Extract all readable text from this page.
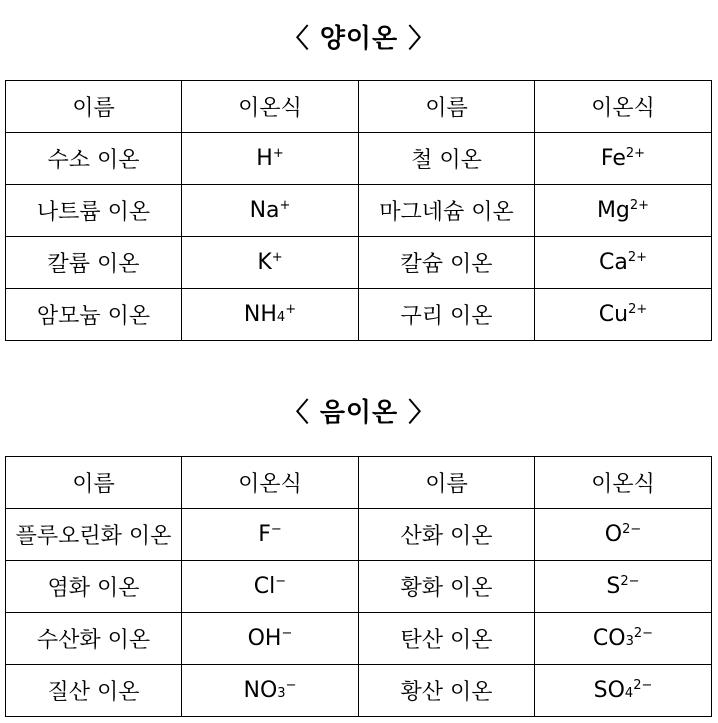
〈 양이온 〉
이름	이온식	이름	이온식
수소 이온	H+	철 이온	$Fe^{2+}$
나트륨 이온	Na+	마그네슘 이온	$Mg^{2+}$
칼륨 이온	K+	칼슘 이온	$Ca^{2+}$
암모늄 이온	NH4+	구리 이온	$Cu^{2+}$
〈 음이온 〉
이름	이온식	이름	이온식
플루오린화 이온	F−	산화 이온	$O^{2-}$
염화 이온	Cl−	황화 이온	$S^{2-}$
수산화 이온	OH−	탄산 이온	$CO3^{2-}$
질산 이온	NO3−	황산 이온	$SO4^{2-}$
